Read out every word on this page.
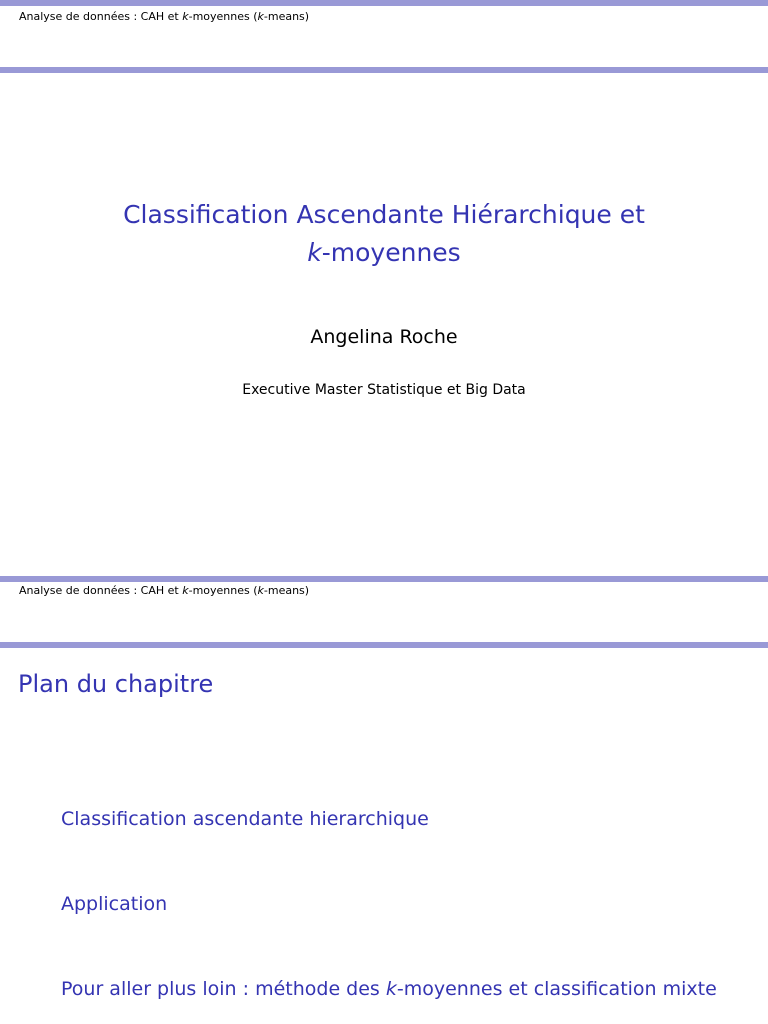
Analyse de données : CAH et k-moyennes (k-means)
Classification Ascendante Hiérarchique et
k-moyennes
Angelina Roche
Executive Master Statistique et Big Data
Analyse de données : CAH et k-moyennes (k-means)
Plan du chapitre
Classification ascendante hierarchique
Application
Pour aller plus loin : méthode des k-moyennes et classification mixte
